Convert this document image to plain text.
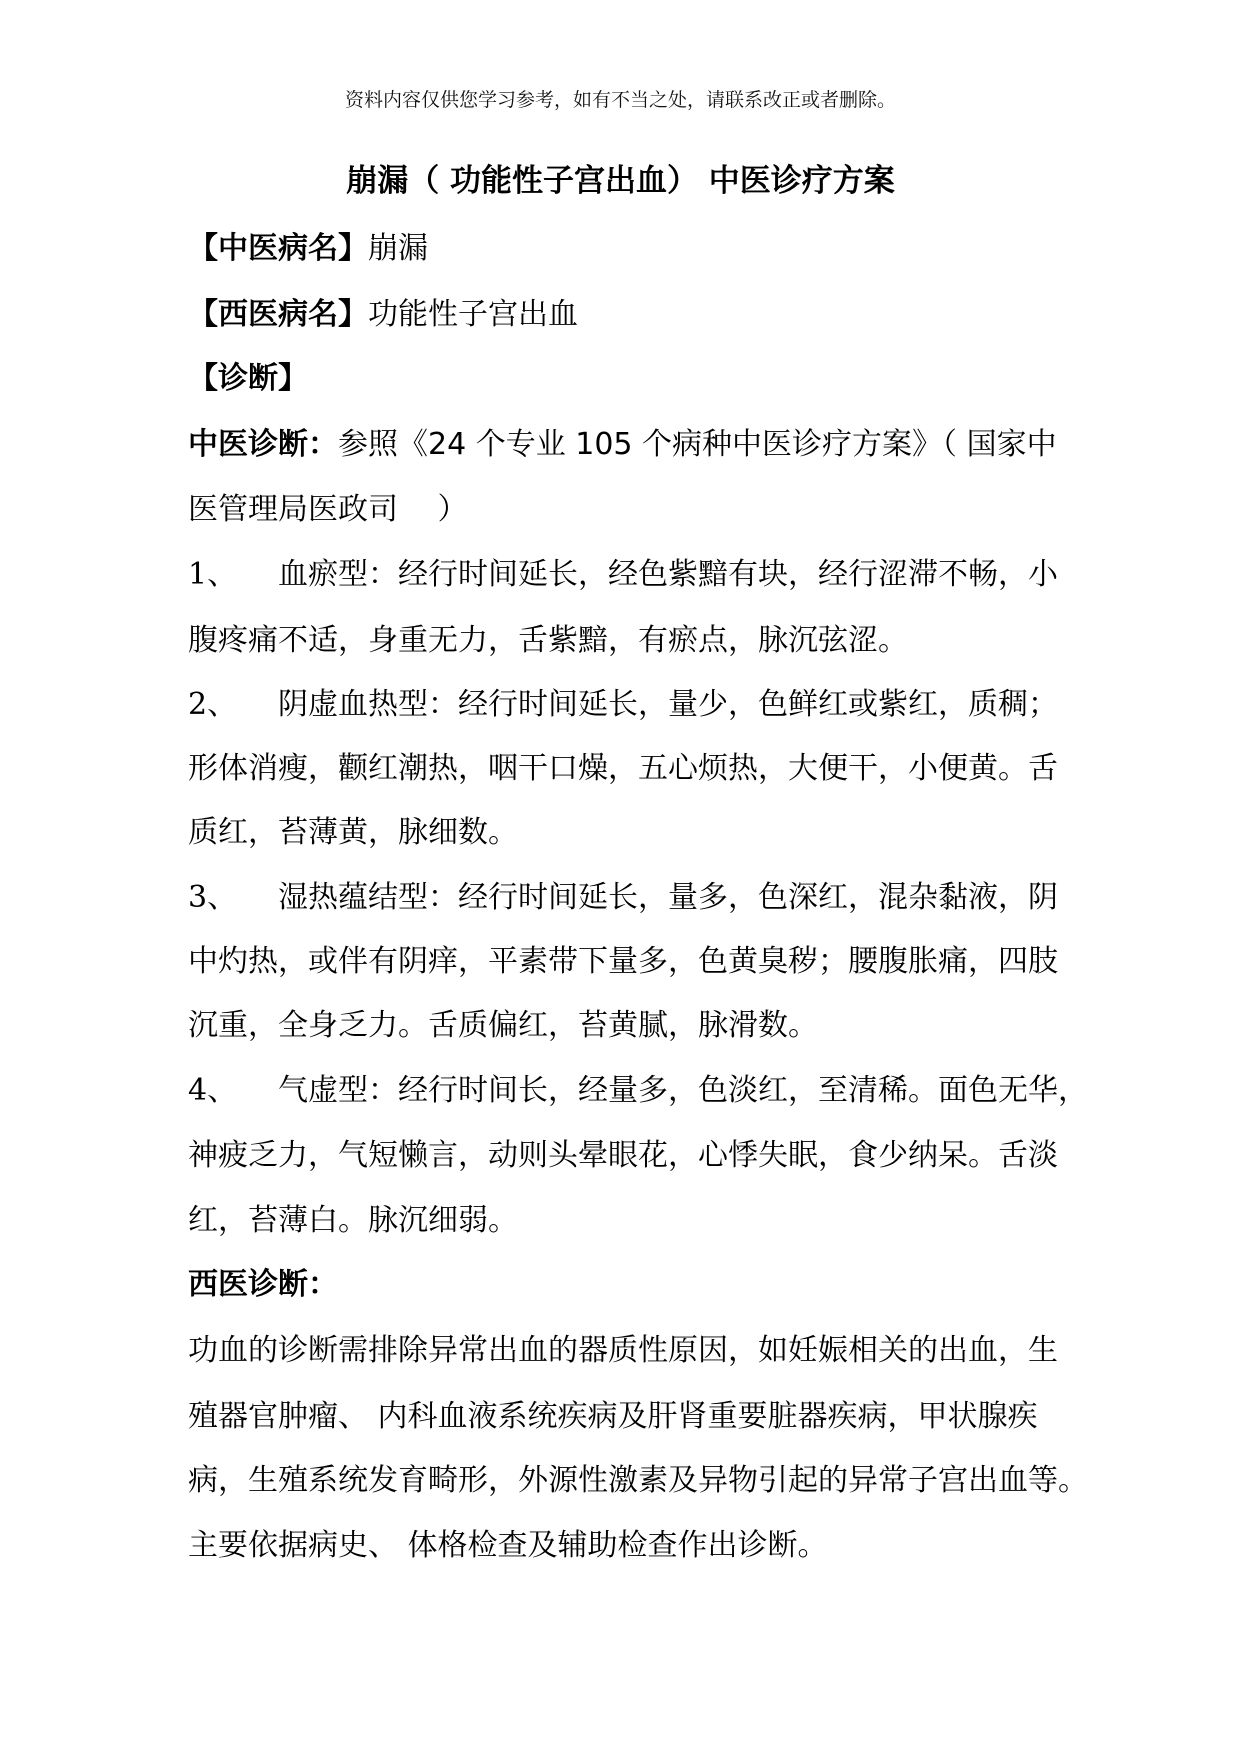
资料内容仅供您学习参考，如有不当之处，请联系改正或者删除。
崩漏（ 功能性子宫出血） 中医诊疗方案
【中医病名】崩漏
【西医病名】功能性子宫出血
【诊断】
中医诊断：参照《24 个专业 105 个病种中医诊疗方案》（ 国家中
医管理局医政司　 ）
1、 血瘀型：经行时间延长，经色紫黯有块，经行涩滞不畅，小
腹疼痛不适，身重无力，舌紫黯，有瘀点，脉沉弦涩。
2、 阴虚血热型：经行时间延长，量少，色鲜红或紫红，质稠；
形体消瘦，颧红潮热，咽干口燥，五心烦热，大便干，小便黄。舌
质红，苔薄黄，脉细数。
3、 湿热蕴结型：经行时间延长，量多，色深红，混杂黏液，阴
中灼热，或伴有阴痒，平素带下量多，色黄臭秽；腰腹胀痛，四肢
沉重，全身乏力。舌质偏红，苔黄腻，脉滑数。
4、 气虚型：经行时间长，经量多，色淡红，至清稀。面色无华，
神疲乏力，气短懒言，动则头晕眼花，心悸失眠，食少纳呆。舌淡
红，苔薄白。脉沉细弱。
西医诊断：
功血的诊断需排除异常出血的器质性原因，如妊娠相关的出血，生
殖器官肿瘤、 内科血液系统疾病及肝肾重要脏器疾病，甲状腺疾
病，生殖系统发育畸形，外源性激素及异物引起的异常子宫出血等。
主要依据病史、 体格检查及辅助检查作出诊断。
